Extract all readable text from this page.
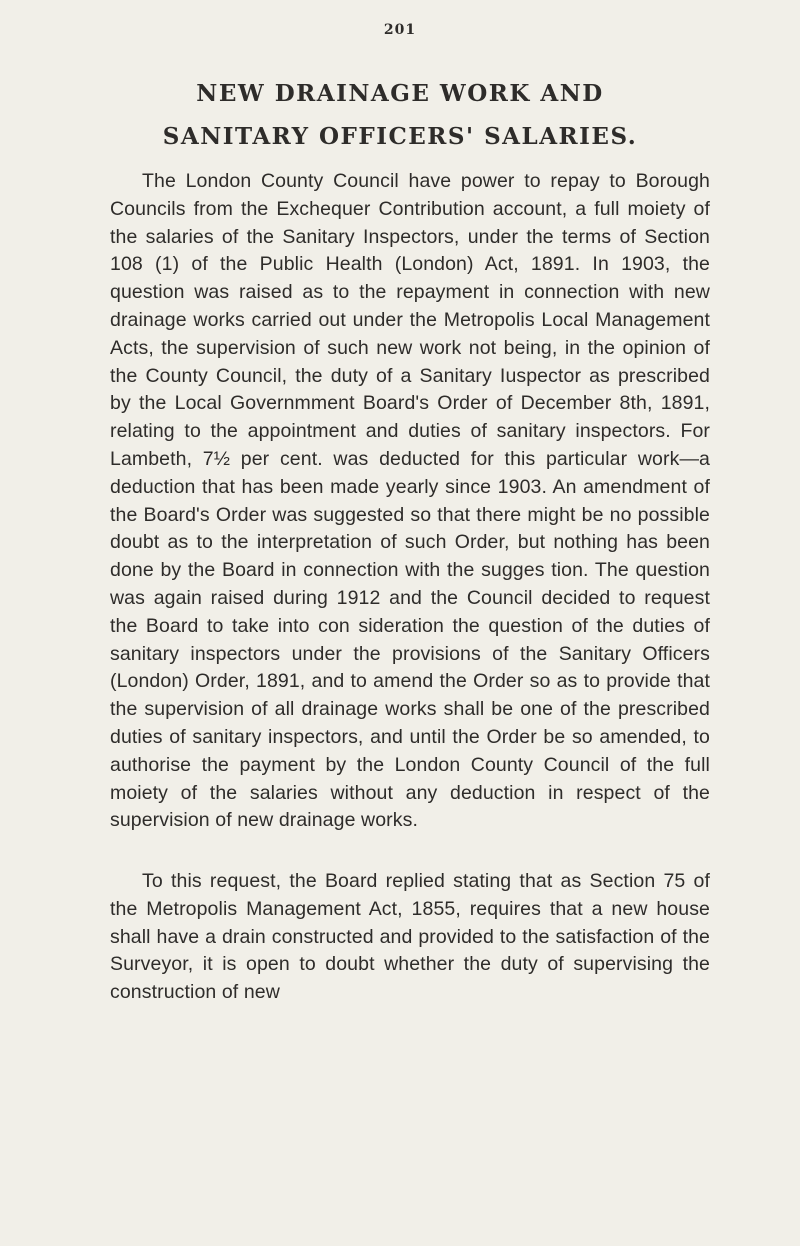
201
NEW DRAINAGE WORK AND
SANITARY OFFICERS' SALARIES.

The London County Council have power to repay to Borough Councils from the Exchequer Contribution account, a full moiety of the salaries of the Sanitary Inspectors, under the terms of Section 108 (1) of the Public Health (London) Act, 1891. In 1903, the question was raised as to the repayment in connection with new drainage works carried out under the Metropolis Local Management Acts, the supervision of such new work not being, in the opinion of the County Council, the duty of a Sanitary Iuspector as prescribed by the Local Governmment Board's Order of December 8th, 1891, relating to the appointment and duties of sanitary inspectors. For Lambeth, 7½ per cent. was deducted for this particular work—a deduction that has been made yearly since 1903. An amendment of the Board's Order was suggested so that there might be no possible doubt as to the interpretation of such Order, but nothing has been done by the Board in connection with the sugges tion. The question was again raised during 1912 and the Council decided to request the Board to take into con sideration the question of the duties of sanitary inspectors under the provisions of the Sanitary Officers (London) Order, 1891, and to amend the Order so as to provide that the supervision of all drainage works shall be one of the prescribed duties of sanitary inspectors, and until the Order be so amended, to authorise the payment by the London County Council of the full moiety of the salaries without any deduction in respect of the supervision of new drainage works.

To this request, the Board replied stating that as Section 75 of the Metropolis Management Act, 1855, requires that a new house shall have a drain constructed and provided to the satisfaction of the Surveyor, it is open to doubt whether the duty of supervising the construction of new
